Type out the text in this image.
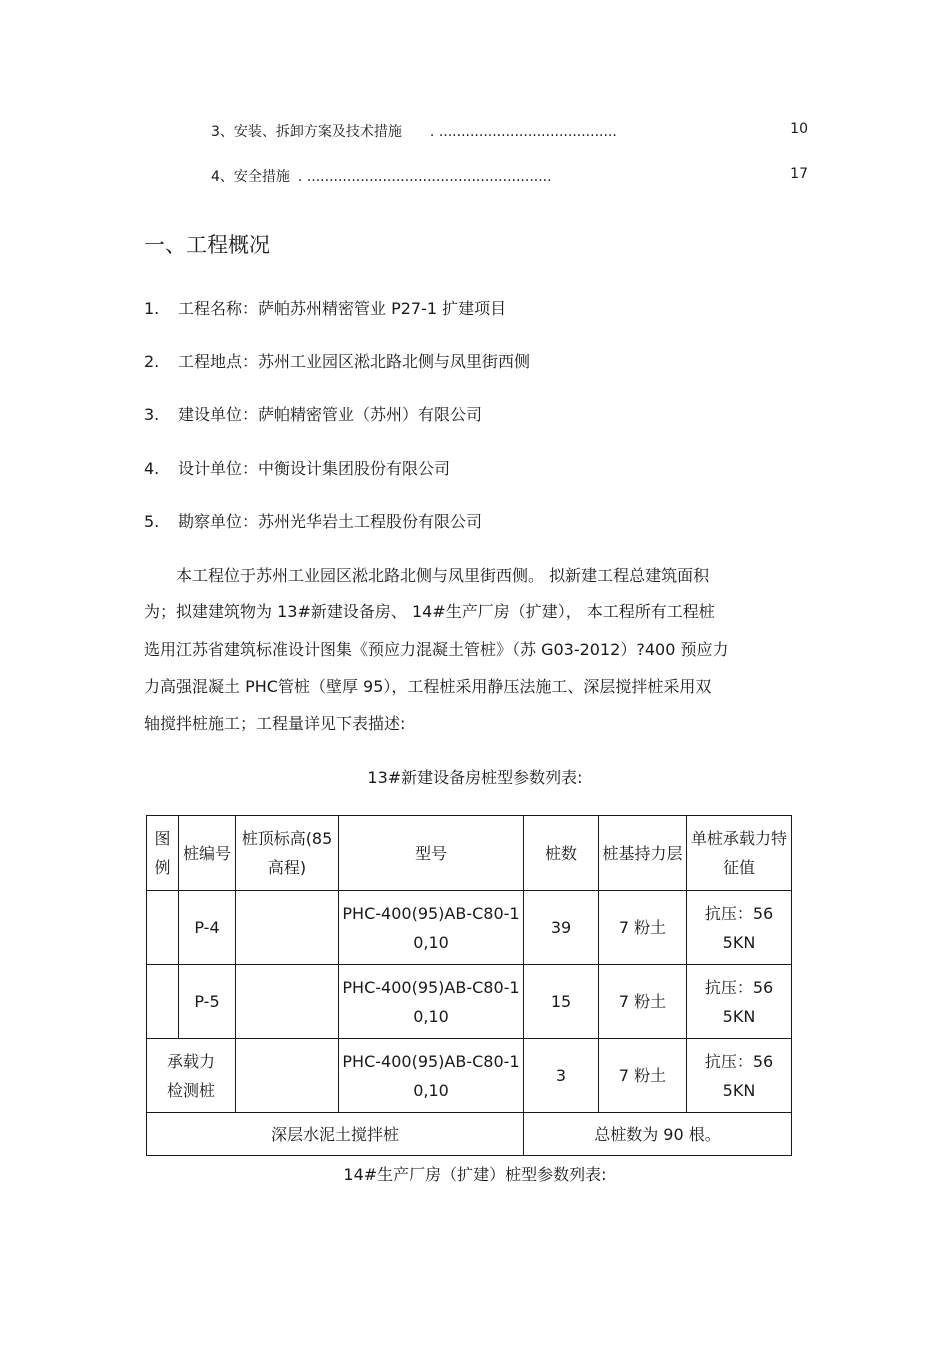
3、安装、拆卸方案及技术措施 . ........................................	10
4、安全措施 . .......................................................	17
一、工程概况
1. 工程名称：萨帕苏州精密管业 P27-1 扩建项目
2. 工程地点：苏州工业园区淞北路北侧与凤里街西侧
3. 建设单位：萨帕精密管业（苏州）有限公司
4. 设计单位：中衡设计集团股份有限公司
5. 勘察单位：苏州光华岩土工程股份有限公司
本工程位于苏州工业园区淞北路北侧与凤里街西侧。 拟新建工程总建筑面积
为；拟建建筑物为 13#新建设备房、 14#生产厂房（扩建）， 本工程所有工程桩
选用江苏省建筑标准设计图集《预应力混凝土管桩》（苏 G03-2012）?400 预应力
力高强混凝土 PHC管桩（壁厚 95），工程桩采用静压法施工、深层搅拌桩采用双
轴搅拌桩施工；工程量详见下表描述:
13#新建设备房桩型参数列表:
图例	桩编号	桩顶标高(85 高程)	型号	桩数	桩基持力层	单桩承载力特征值
	P-4		PHC-400(95)AB-C80-10,10	39	7 粉土	抗压：565KN
	P-5		PHC-400(95)AB-C80-10,10	15	7 粉土	抗压：565KN
承载力检测桩			PHC-400(95)AB-C80-10,10	3	7 粉土	抗压：565KN
深层水泥土搅拌桩				总桩数为 90 根。		
14#生产厂房（扩建）桩型参数列表:
